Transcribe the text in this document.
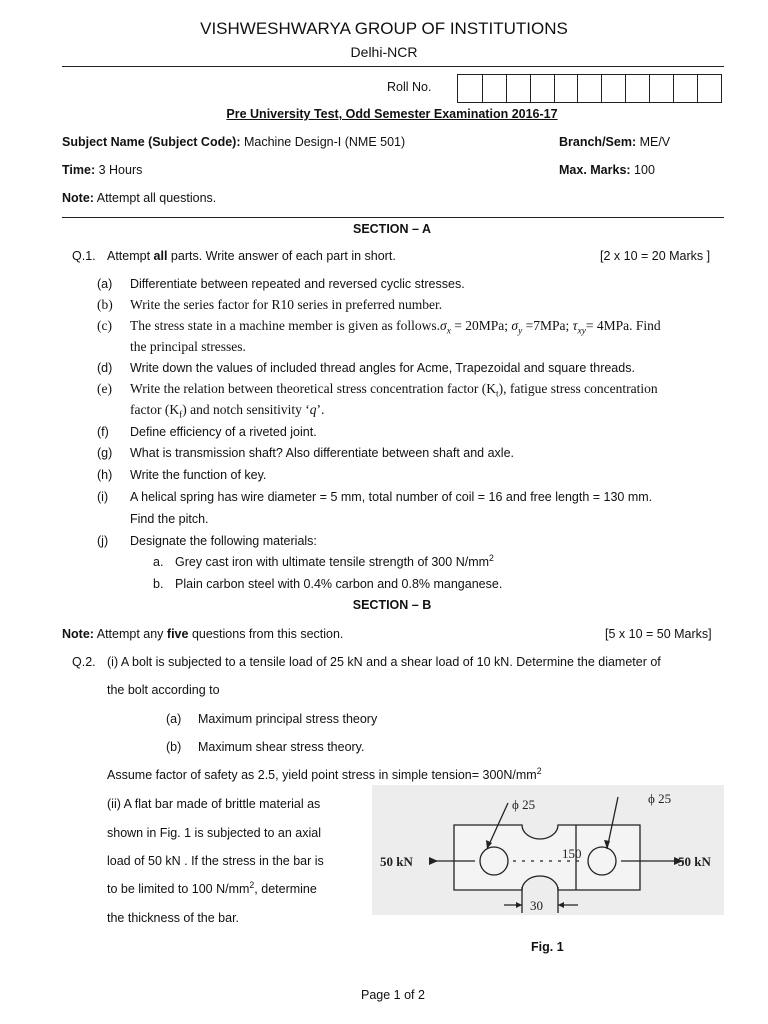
VISHWESHWARYA GROUP OF INSTITUTIONS
Delhi-NCR
Roll No.
Pre University Test, Odd Semester Examination 2016-17
Subject Name (Subject Code): Machine Design-I (NME 501)	Branch/Sem: ME/V
Time: 3 Hours	Max. Marks: 100
Note: Attempt all questions.
SECTION – A
Q.1. Attempt all parts. Write answer of each part in short.	[2 x 10 = 20 Marks ]
(a)	Differentiate between repeated and reversed cyclic stresses.
(b)	Write the series factor for R10 series in preferred number.
(c)	The stress state in a machine member is given as $follows.\sigma_x = 20MPa$; $\sigma_y =7MPa$; $\tau_{xy}= 4MPa$. Find
the principal stresses.
(d)	Write down the values of included thread angles for Acme, Trapezoidal and square threads.
(e)	Write the relation between theoretical stress concentration factor $(K_t)$, fatigue stress concentration
factor $(K_f)$ and notch sensitivity ‘q’.
(f)	Define efficiency of a riveted joint.
(g)	What is transmission shaft? Also differentiate between shaft and axle.
(h)	Write the function of key.
(i)	A helical spring has wire diameter = 5 mm, total number of coil = 16 and free length = 130 mm.
Find the pitch.
(j)	Designate the following materials:
a. Grey cast iron with ultimate tensile strength of 300 $N/mm^2$
b. Plain carbon steel with 0.4% carbon and 0.8% manganese.
SECTION – B
Note: Attempt any five questions from this section.	[5 x 10 = 50 Marks]
Q.2. (i) A bolt is subjected to a tensile load of 25 kN and a shear load of 10 kN. Determine the diameter of
the bolt according to
(a) Maximum principal stress theory
(b) Maximum shear stress theory.
Assume factor of safety as 2.5, yield point stress in simple tension= $300N/mm^2$
(ii) A flat bar made of brittle material as
shown in Fig. 1 is subjected to an axial
load of 50 kN . If the stress in the bar is
to be limited to 100 $N/mm^2$, determine
the thickness of the bar.
ϕ 25	ϕ 25
50 kN	50 kN
150
30
Fig. 1
Page 1 of 2
